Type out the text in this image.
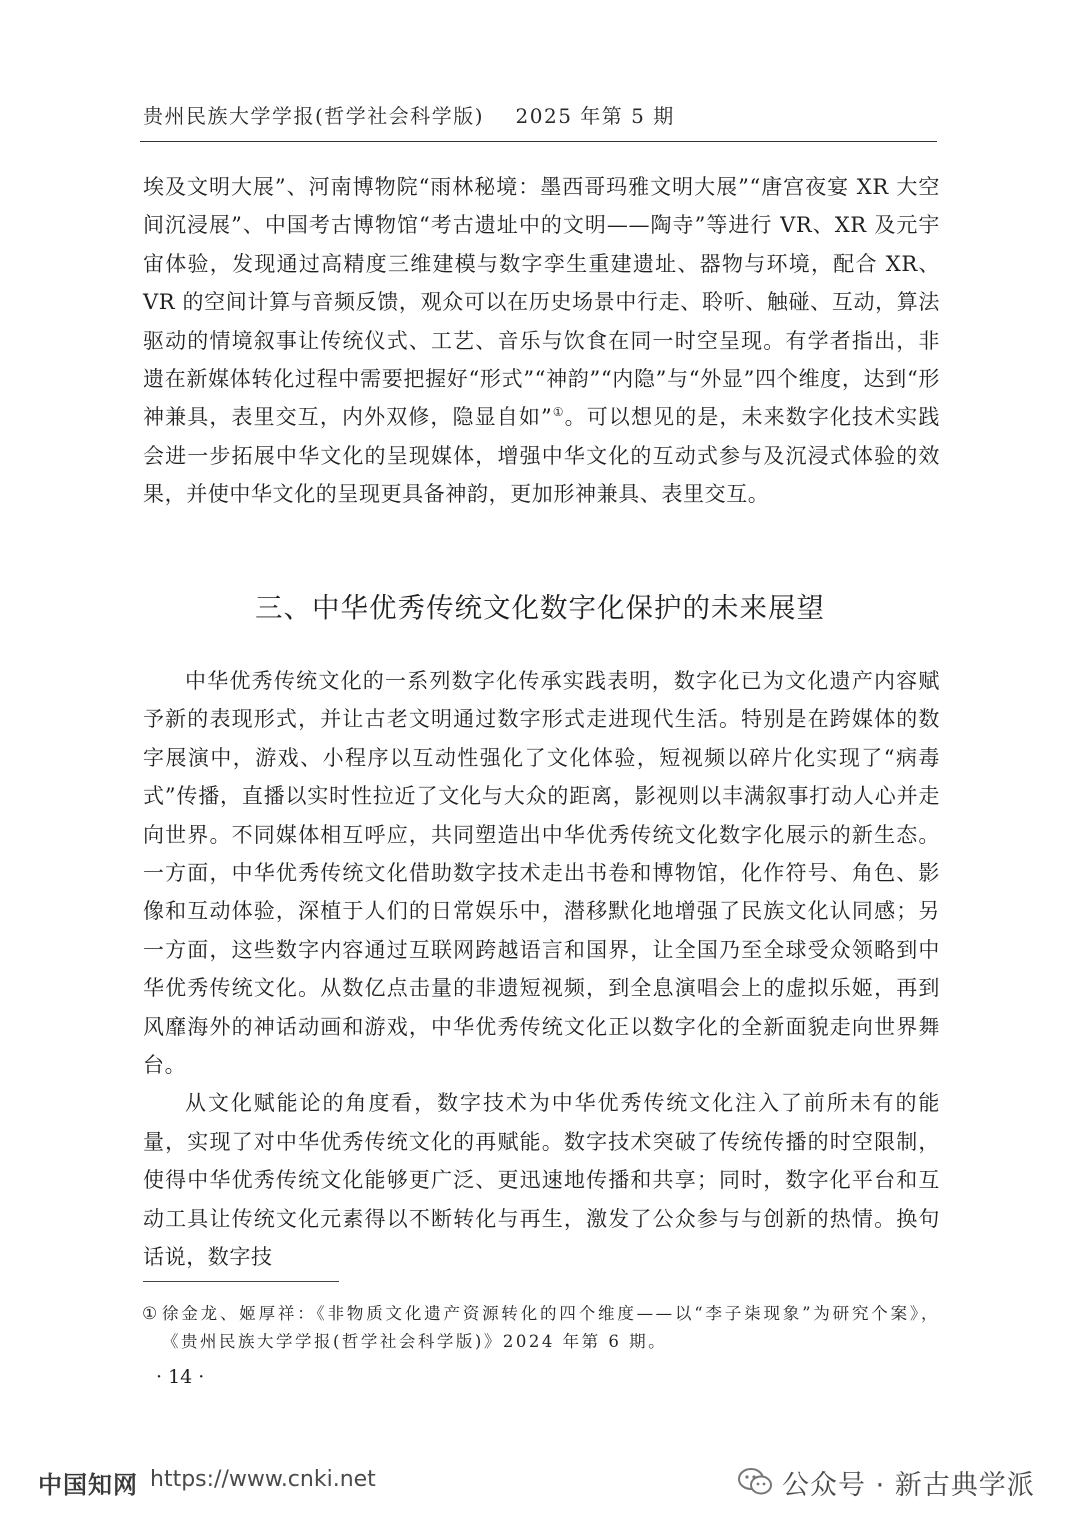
贵州民族大学学报(哲学社会科学版) 2025 年第 5 期

埃及文明大展”、河南博物院“雨林秘境：墨西哥玛雅文明大展”“唐宫夜宴 XR 大空间沉浸展”、中国考古博物馆“考古遗址中的文明——陶寺”等进行 VR、XR 及元宇宙体验，发现通过高精度三维建模与数字孪生重建遗址、器物与环境，配合 XR、VR 的空间计算与音频反馈，观众可以在历史场景中行走、聆听、触碰、互动，算法驱动的情境叙事让传统仪式、工艺、音乐与饮食在同一时空呈现。有学者指出，非遗在新媒体转化过程中需要把握好“形式”“神韵”“内隐”与“外显”四个维度，达到“形神兼具，表里交互，内外双修，隐显自如”①。可以想见的是，未来数字化技术实践会进一步拓展中华文化的呈现媒体，增强中华文化的互动式参与及沉浸式体验的效果，并使中华文化的呈现更具备神韵，更加形神兼具、表里交互。

三、中华优秀传统文化数字化保护的未来展望

中华优秀传统文化的一系列数字化传承实践表明，数字化已为文化遗产内容赋予新的表现形式，并让古老文明通过数字形式走进现代生活。特别是在跨媒体的数字展演中，游戏、小程序以互动性强化了文化体验，短视频以碎片化实现了“病毒式”传播，直播以实时性拉近了文化与大众的距离，影视则以丰满叙事打动人心并走向世界。不同媒体相互呼应，共同塑造出中华优秀传统文化数字化展示的新生态。一方面，中华优秀传统文化借助数字技术走出书卷和博物馆，化作符号、角色、影像和互动体验，深植于人们的日常娱乐中，潜移默化地增强了民族文化认同感；另一方面，这些数字内容通过互联网跨越语言和国界，让全国乃至全球受众领略到中华优秀传统文化。从数亿点击量的非遗短视频，到全息演唱会上的虚拟乐姬，再到风靡海外的神话动画和游戏，中华优秀传统文化正以数字化的全新面貌走向世界舞台。

从文化赋能论的角度看，数字技术为中华优秀传统文化注入了前所未有的能量，实现了对中华优秀传统文化的再赋能。数字技术突破了传统传播的时空限制，使得中华优秀传统文化能够更广泛、更迅速地传播和共享；同时，数字化平台和互动工具让传统文化元素得以不断转化与再生，激发了公众参与与创新的热情。换句话说，数字技

① 徐金龙、姬厚祥：《非物质文化遗产资源转化的四个维度——以“李子柒现象”为研究个案》，《贵州民族大学学报(哲学社会科学版)》2024 年第 6 期。
· 14 ·
中国知网 https://www.cnki.net	公众号 · 新古典学派
